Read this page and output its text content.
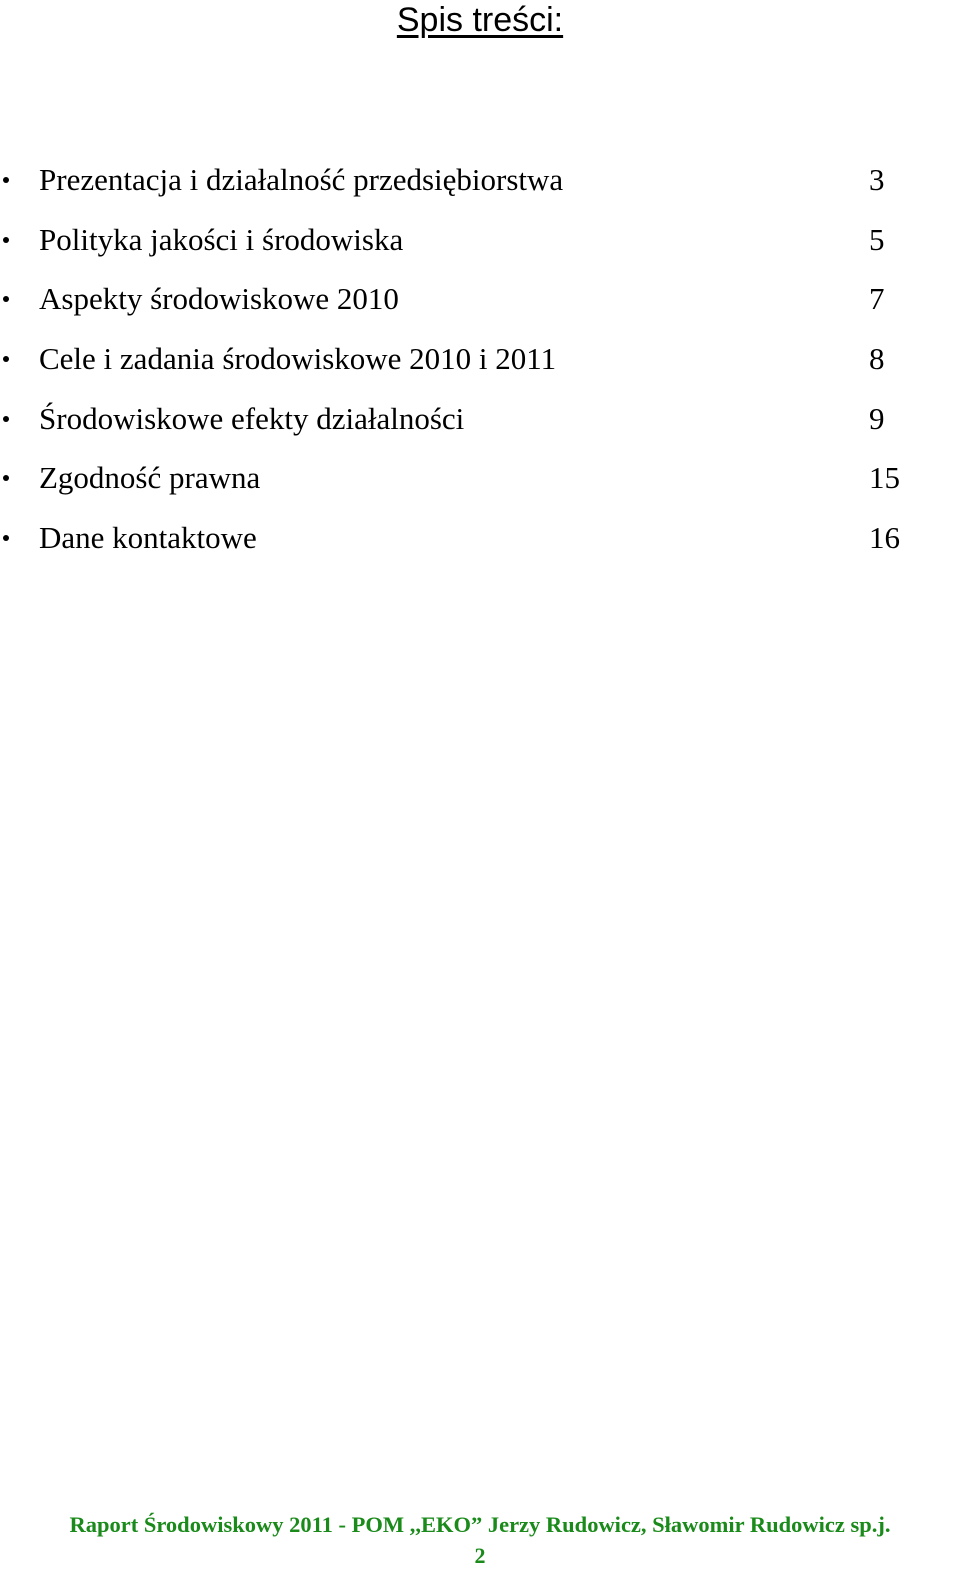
Spis treści:
Prezentacja i działalność przedsiębiorstwa	3
Polityka jakości i środowiska	5
Aspekty środowiskowe 2010	7
Cele i zadania środowiskowe 2010 i 2011	8
Środowiskowe efekty działalności	9
Zgodność prawna	15
Dane kontaktowe	16
Raport Środowiskowy 2011 - POM ,,EKO” Jerzy Rudowicz, Sławomir Rudowicz sp.j.
2
